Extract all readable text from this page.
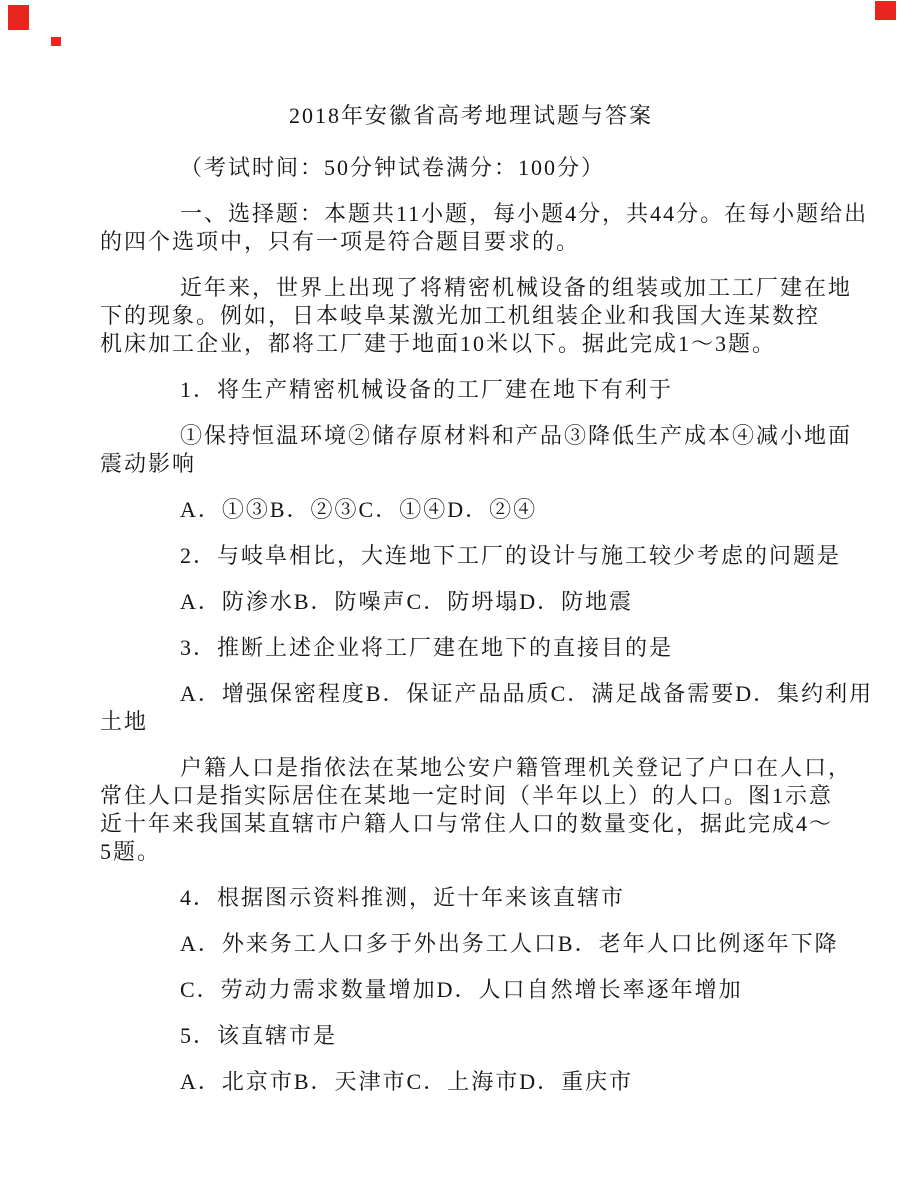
2018年安徽省高考地理试题与答案

（考试时间：50分钟试卷满分：100分）

一、选择题：本题共11小题，每小题4分，共44分。在每小题给出
的四个选项中，只有一项是符合题目要求的。

近年来，世界上出现了将精密机械设备的组装或加工工厂建在地
下的现象。例如，日本岐阜某激光加工机组装企业和我国大连某数控
机床加工企业，都将工厂建于地面10米以下。据此完成1～3题。

1．将生产精密机械设备的工厂建在地下有利于

①保持恒温环境②储存原材料和产品③降低生产成本④减小地面
震动影响

A．①③B．②③C．①④D．②④

2．与岐阜相比，大连地下工厂的设计与施工较少考虑的问题是

A．防渗水B．防噪声C．防坍塌D．防地震

3．推断上述企业将工厂建在地下的直接目的是

A．增强保密程度B．保证产品品质C．满足战备需要D．集约利用
土地

户籍人口是指依法在某地公安户籍管理机关登记了户口在人口，
常住人口是指实际居住在某地一定时间（半年以上）的人口。图1示意
近十年来我国某直辖市户籍人口与常住人口的数量变化，据此完成4～
5题。

4．根据图示资料推测，近十年来该直辖市

A．外来务工人口多于外出务工人口B．老年人口比例逐年下降

C．劳动力需求数量增加D．人口自然增长率逐年增加

5．该直辖市是

A．北京市B．天津市C．上海市D．重庆市
